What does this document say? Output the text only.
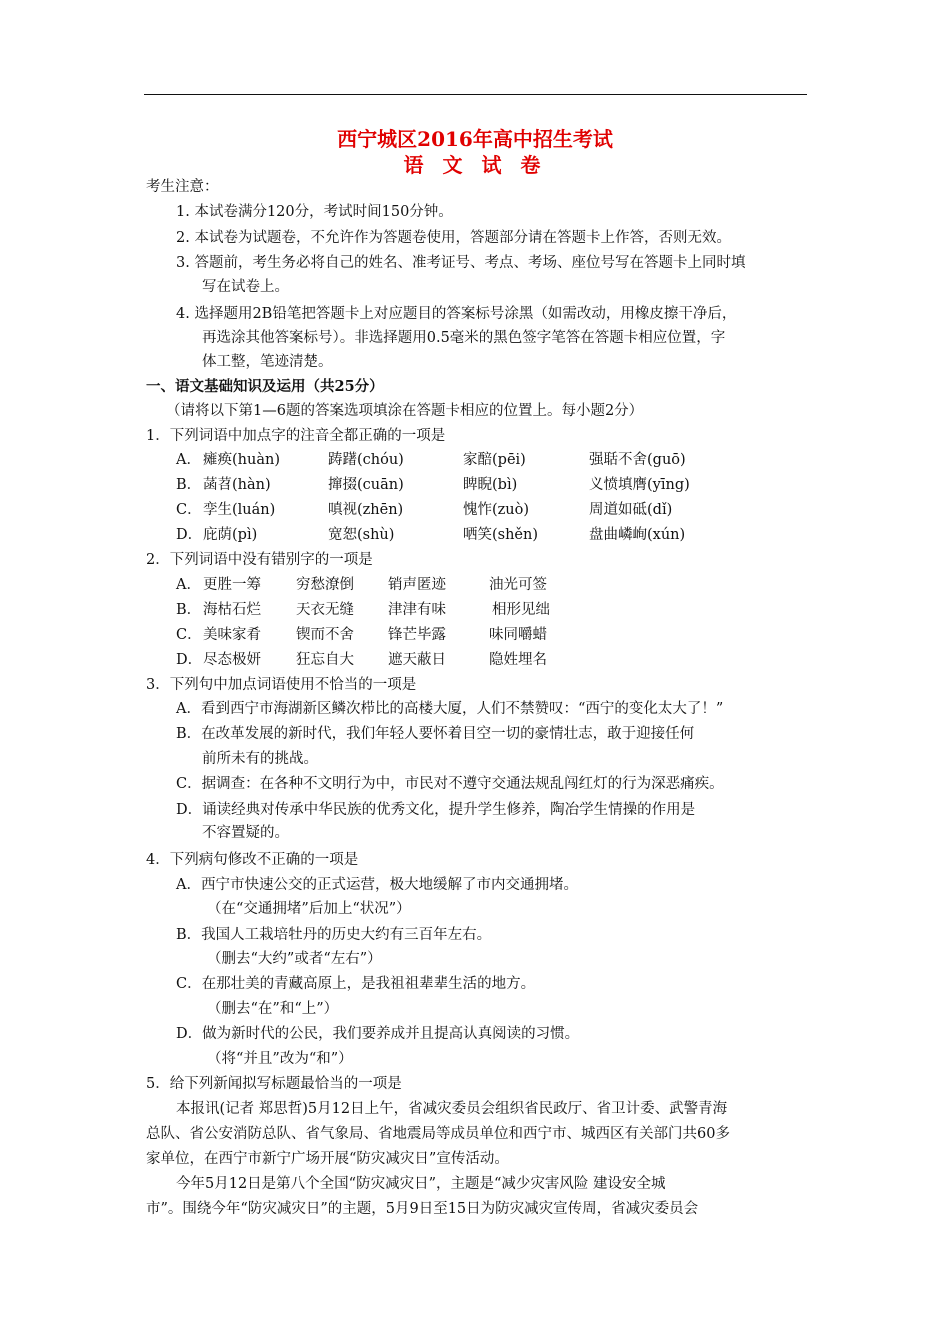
西宁城区2016年高中招生考试
语 文 试 卷
考生注意：
1. 本试卷满分120分，考试时间150分钟。
2. 本试卷为试题卷，不允许作为答题卷使用，答题部分请在答题卡上作答，否则无效。
3. 答题前，考生务必将自己的姓名、准考证号、考点、考场、座位号写在答题卡上同时填
写在试卷上。
4. 选择题用2B铅笔把答题卡上对应题目的答案标号涂黑（如需改动，用橡皮擦干净后，
再选涂其他答案标号）。非选择题用0.5毫米的黑色签字笔答在答题卡相应位置，字
体工整，笔迹清楚。
一、语文基础知识及运用（共25分）
（请将以下第1—6题的答案选项填涂在答题卡相应的位置上。每小题2分）
1．下列词语中加点字的注音全都正确的一项是
A． 瘫痪(huàn)	踌躇(chóu)	家醅(pēi)	强聒不舍(guō)
B． 菡苕(hàn)	撺掇(cuān)	睥睨(bì)	义愤填膺(yīng)
C． 孪生(luán)	嗔视(zhēn)	愧怍(zuò)	周道如砥(dǐ)
D． 庇荫(pì)	宽恕(shù)	哂笑(shěn)	盘曲嶙峋(xún)
2．下列词语中没有错别字的一项是
A． 更胜一筹 穷愁潦倒 销声匿迹	油光可签
B． 海枯石烂 天衣无缝 津津有味	相形见绌
C． 美味家肴 锲而不舍 锋芒毕露	味同嚼蜡
D． 尽态极妍 狂忘自大 遮天蔽日	隐姓埋名
3．下列句中加点词语使用不恰当的一项是
A．看到西宁市海湖新区鳞次栉比的高楼大厦，人们不禁赞叹：“西宁的变化太大了！”
B．在改革发展的新时代，我们年轻人要怀着目空一切的豪情壮志，敢于迎接任何
前所未有的挑战。
C．据调查：在各种不文明行为中，市民对不遵守交通法规乱闯红灯的行为深恶痛疾。
D．诵读经典对传承中华民族的优秀文化，提升学生修养，陶冶学生情操的作用是
不容置疑的。
4．下列病句修改不正确的一项是
A．西宁市快速公交的正式运营，极大地缓解了市内交通拥堵。
（在“交通拥堵”后加上“状况”）
B．我国人工栽培牡丹的历史大约有三百年左右。
（删去“大约”或者“左右”）
C．在那壮美的青藏高原上，是我祖祖辈辈生活的地方。
（删去“在”和“上”）
D．做为新时代的公民，我们要养成并且提高认真阅读的习惯。
（将“并且”改为“和”）
5．给下列新闻拟写标题最恰当的一项是
本报讯(记者 郑思哲)5月12日上午，省减灾委员会组织省民政厅、省卫计委、武警青海
总队、省公安消防总队、省气象局、省地震局等成员单位和西宁市、城西区有关部门共60多
家单位，在西宁市新宁广场开展“防灾减灾日”宣传活动。
今年5月12日是第八个全国“防灾减灾日”，主题是“减少灾害风险 建设安全城
市”。围绕今年“防灾减灾日”的主题，5月9日至15日为防灾减灾宣传周，省减灾委员会
